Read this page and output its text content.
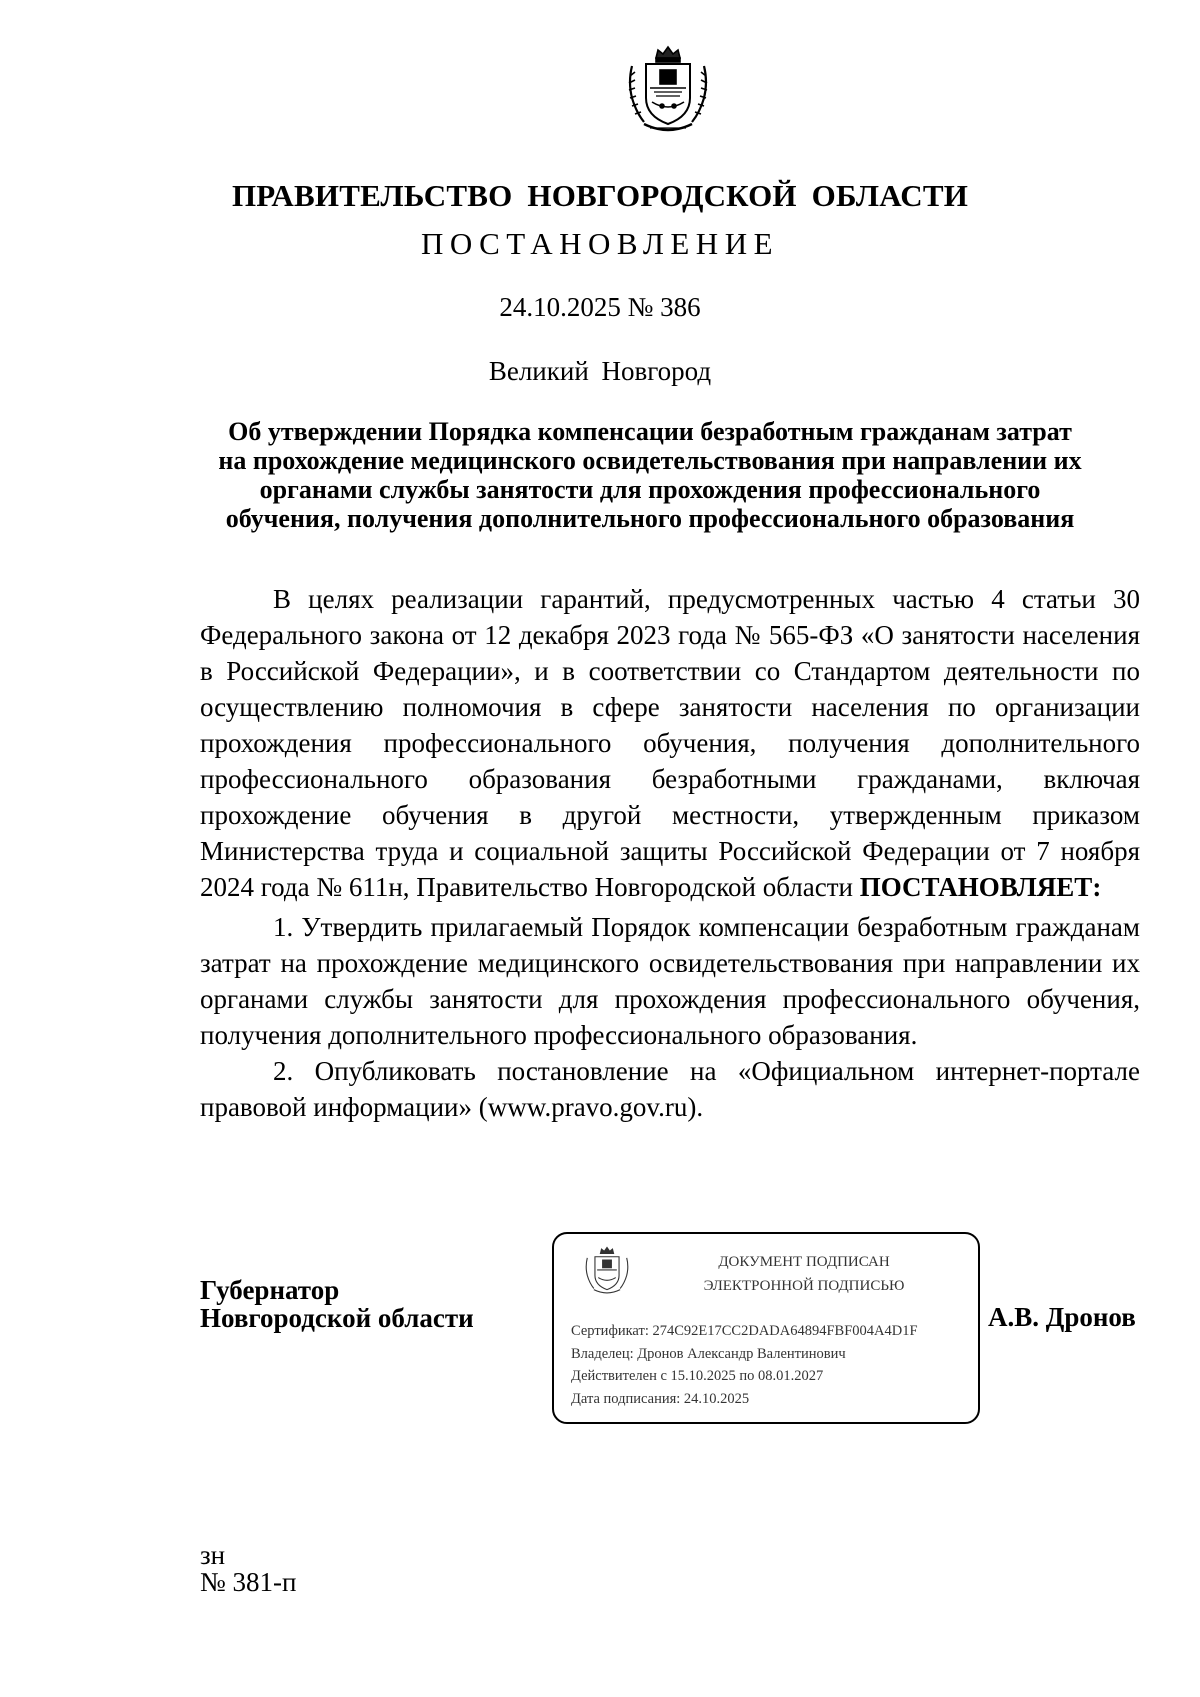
ПРАВИТЕЛЬСТВО НОВГОРОДСКОЙ ОБЛАСТИ
ПОСТАНОВЛЕНИЕ
24.10.2025 № 386
Великий Новгород
Об утверждении Порядка компенсации безработным гражданам затрат
на прохождение медицинского освидетельствования при направлении их
органами службы занятости для прохождения профессионального
обучения, получения дополнительного профессионального образования

В целях реализации гарантий, предусмотренных частью 4 статьи 30 Федерального закона от 12 декабря 2023 года № 565-ФЗ «О занятости населения в Российской Федерации», и в соответствии со Стандартом деятельности по осуществлению полномочия в сфере занятости населения по организации прохождения профессионального обучения, получения дополнительного профессионального образования безработными гражданами, включая прохождение обучения в другой местности, утвержденным приказом Министерства труда и социальной защиты Российской Федерации от 7 ноября 2024 года № 611н, Правительство Новгородской области ПОСТАНОВЛЯЕТ:

1. Утвердить прилагаемый Порядок компенсации безработным гражданам затрат на прохождение медицинского освидетельствования при направлении их органами службы занятости для прохождения профессионального обучения, получения дополнительного профессионального образования.

2. Опубликовать постановление на «Официальном интернет-портале правовой информации» (www.pravo.gov.ru).

Губернатор
Новгородской области
ДОКУМЕНТ ПОДПИСАН
ЭЛЕКТРОННОЙ ПОДПИСЬЮ
Сертификат: 274C92E17CC2DADA64894FBF004A4D1F
Владелец: Дронов Александр Валентинович
Действителен с 15.10.2025 по 08.01.2027
Дата подписания: 24.10.2025
А.В. Дронов
зн
№ 381-п
